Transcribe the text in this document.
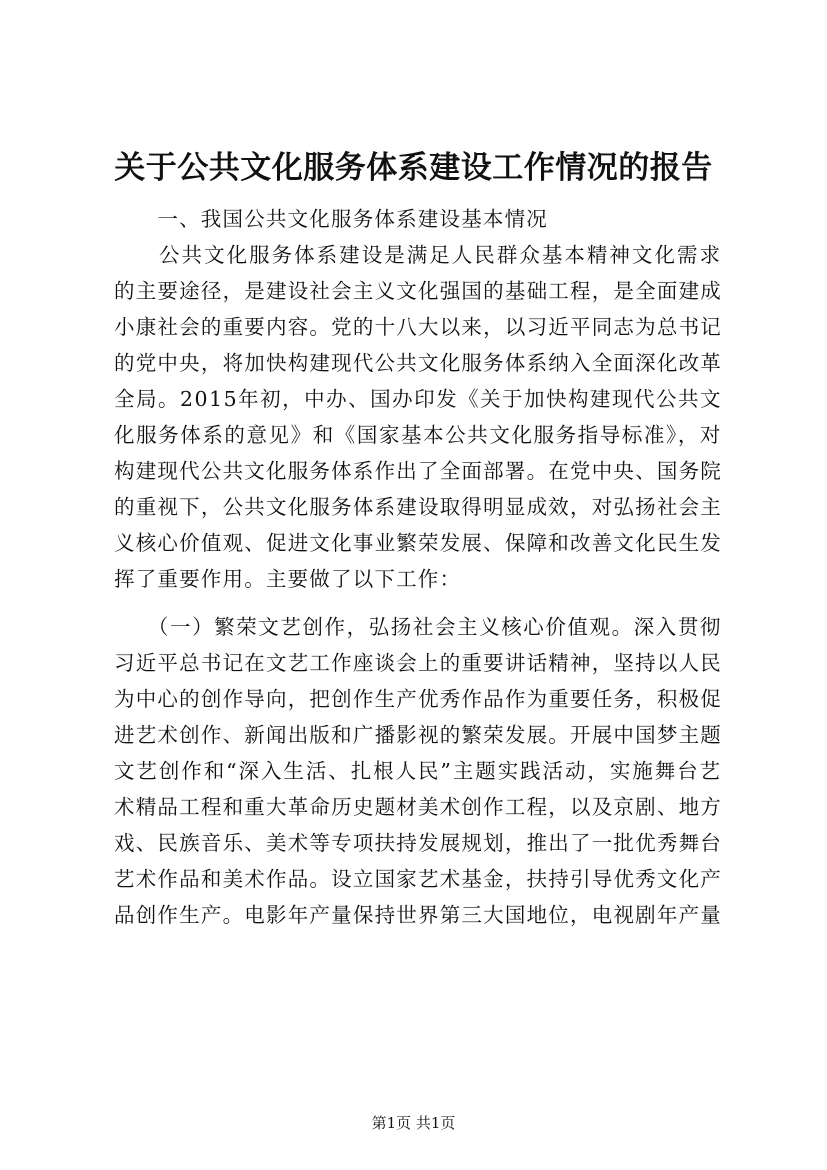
关于公共文化服务体系建设工作情况的报告
　　一、我国公共文化服务体系建设基本情况
　　公共文化服务体系建设是满足人民群众基本精神文化需求
的主要途径，是建设社会主义文化强国的基础工程，是全面建成
小康社会的重要内容。党的十八大以来，以习近平同志为总书记
的党中央，将加快构建现代公共文化服务体系纳入全面深化改革
全局。2015年初，中办、国办印发《关于加快构建现代公共文
化服务体系的意见》和《国家基本公共文化服务指导标准》，对
构建现代公共文化服务体系作出了全面部署。在党中央、国务院
的重视下，公共文化服务体系建设取得明显成效，对弘扬社会主
义核心价值观、促进文化事业繁荣发展、保障和改善文化民生发
挥了重要作用。主要做了以下工作：
　　（一）繁荣文艺创作，弘扬社会主义核心价值观。深入贯彻
习近平总书记在文艺工作座谈会上的重要讲话精神，坚持以人民
为中心的创作导向，把创作生产优秀作品作为重要任务，积极促
进艺术创作、新闻出版和广播影视的繁荣发展。开展中国梦主题
文艺创作和“深入生活、扎根人民”主题实践活动，实施舞台艺
术精品工程和重大革命历史题材美术创作工程，以及京剧、地方
戏、民族音乐、美术等专项扶持发展规划，推出了一批优秀舞台
艺术作品和美术作品。设立国家艺术基金，扶持引导优秀文化产
品创作生产。电影年产量保持世界第三大国地位，电视剧年产量
第1页 共1页
